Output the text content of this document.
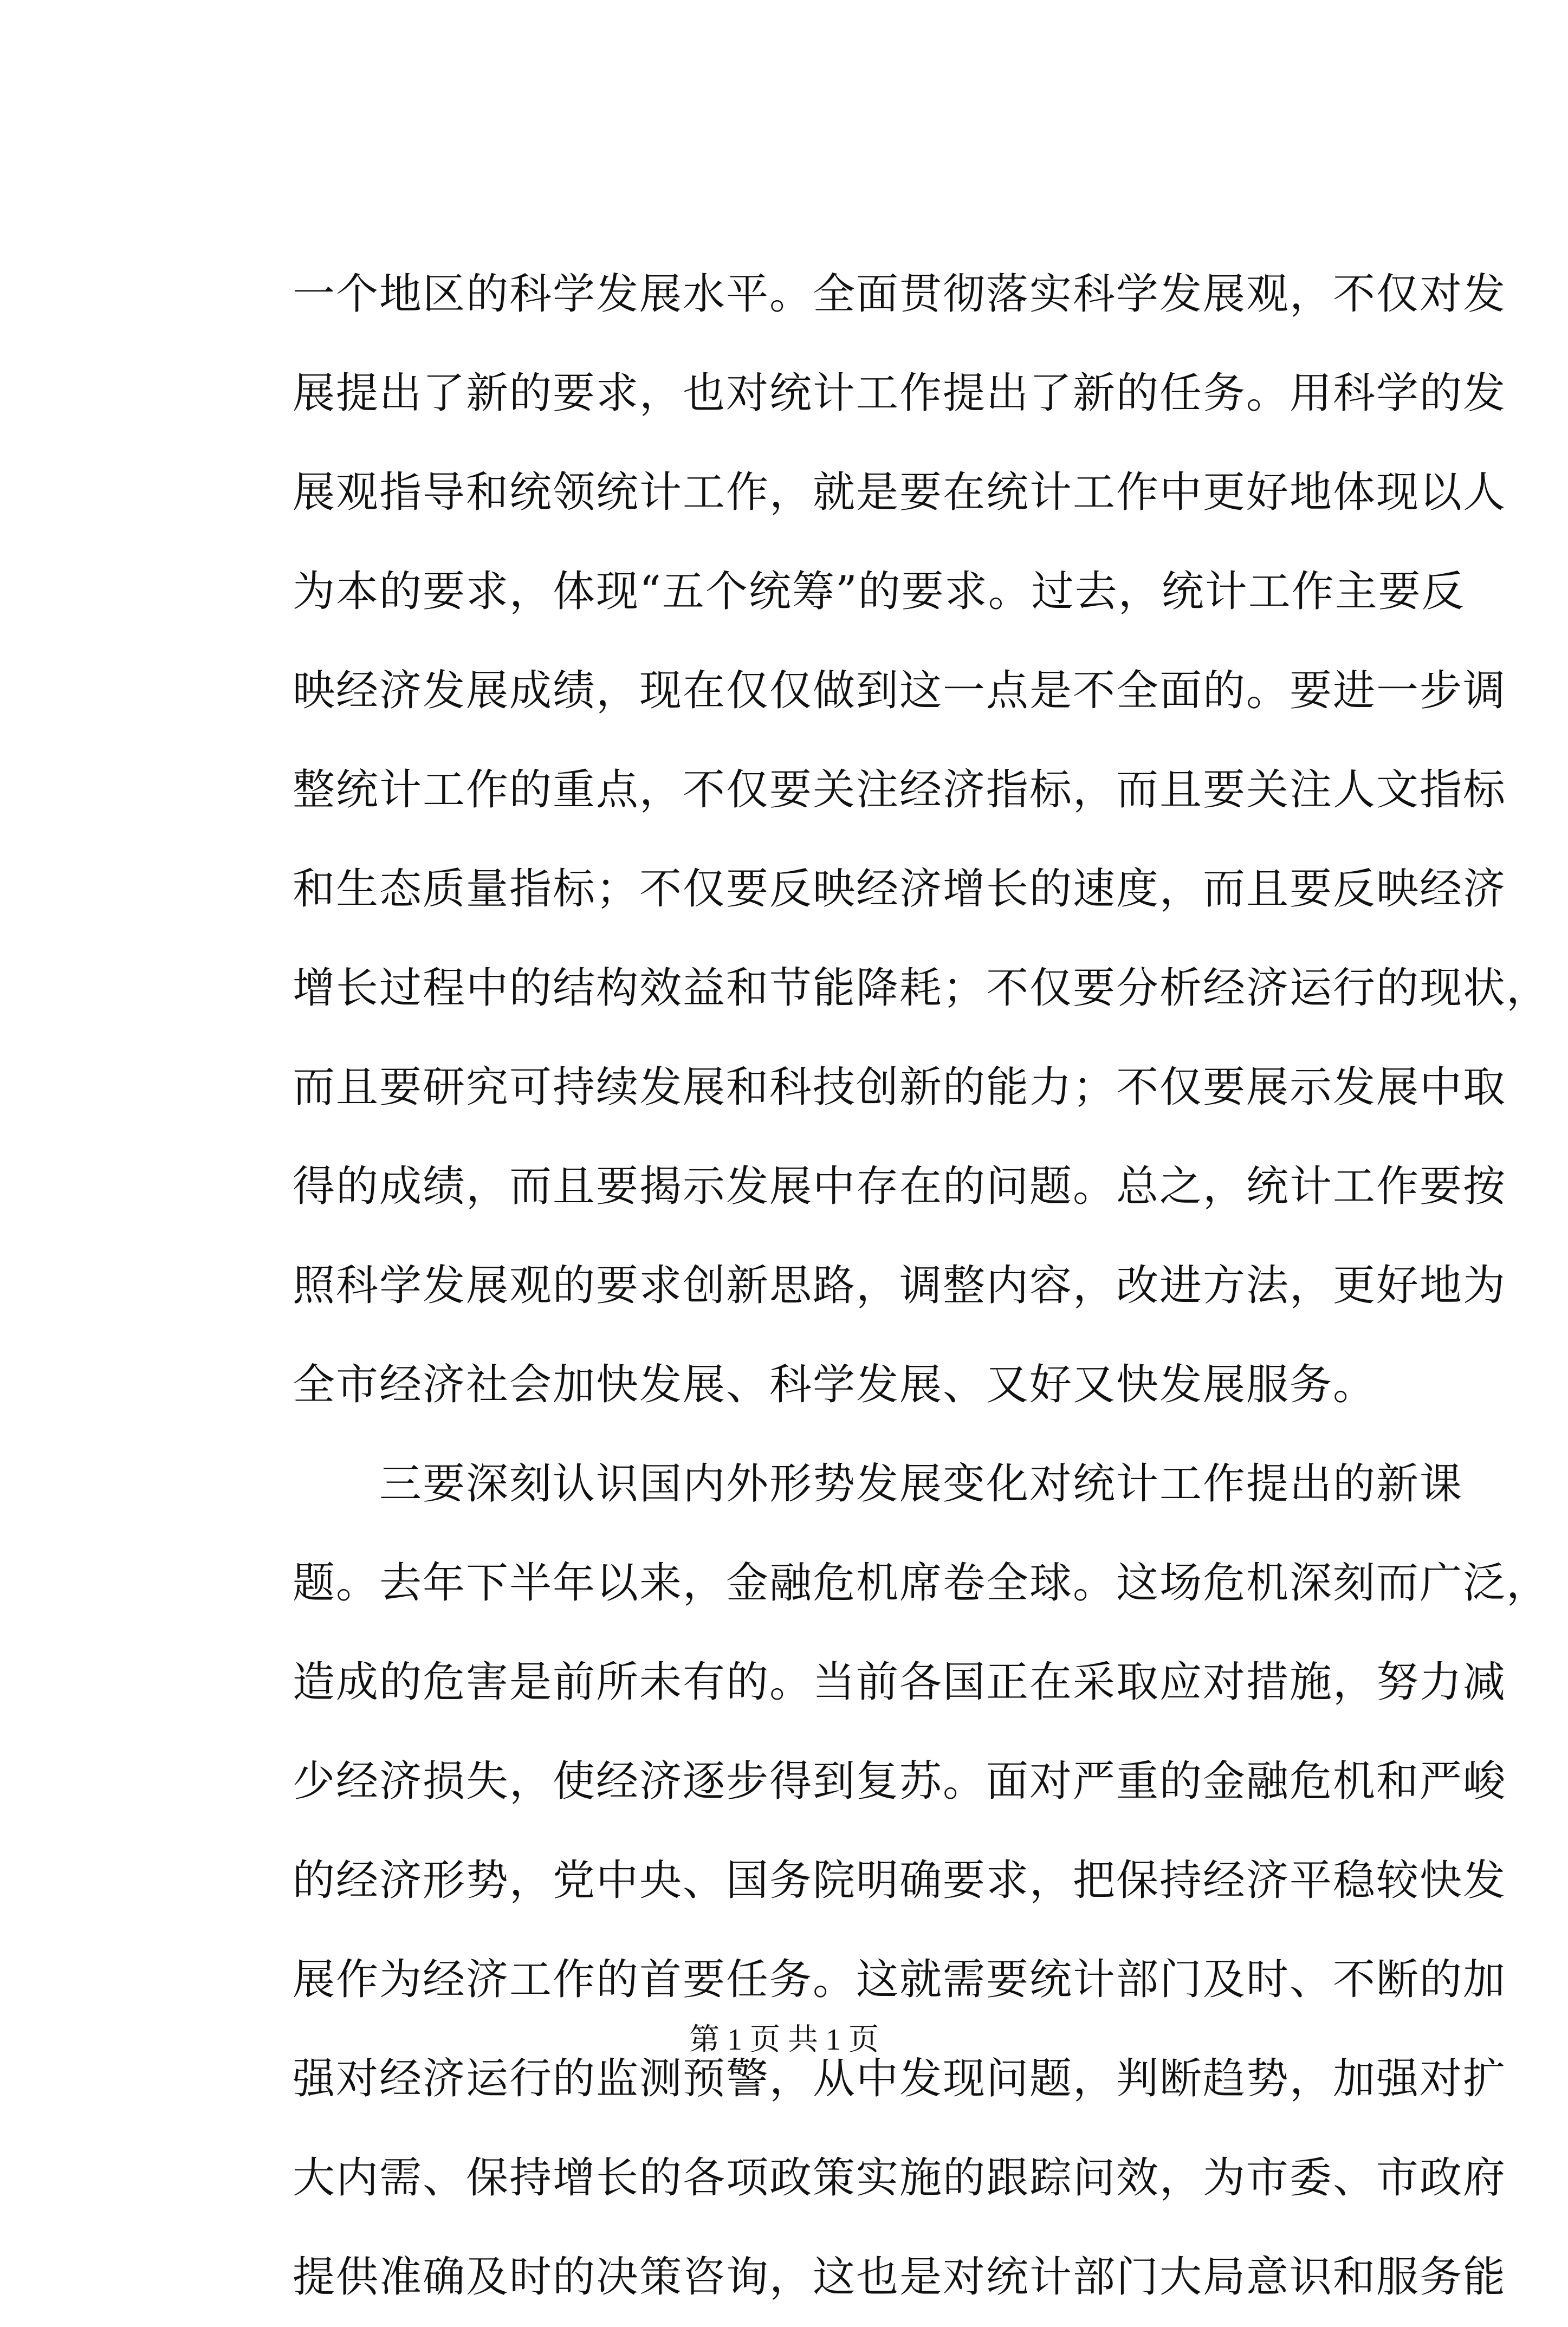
一个地区的科学发展水平。全面贯彻落实科学发展观，不仅对发
展提出了新的要求，也对统计工作提出了新的任务。用科学的发
展观指导和统领统计工作，就是要在统计工作中更好地体现以人
为本的要求，体现“五个统筹”的要求。过去，统计工作主要反
映经济发展成绩，现在仅仅做到这一点是不全面的。要进一步调
整统计工作的重点，不仅要关注经济指标，而且要关注人文指标
和生态质量指标；不仅要反映经济增长的速度，而且要反映经济
增长过程中的结构效益和节能降耗；不仅要分析经济运行的现状，
而且要研究可持续发展和科技创新的能力；不仅要展示发展中取
得的成绩，而且要揭示发展中存在的问题。总之，统计工作要按
照科学发展观的要求创新思路，调整内容，改进方法，更好地为
全市经济社会加快发展、科学发展、又好又快发展服务。
三要深刻认识国内外形势发展变化对统计工作提出的新课
题。去年下半年以来，金融危机席卷全球。这场危机深刻而广泛，
造成的危害是前所未有的。当前各国正在采取应对措施，努力减
少经济损失，使经济逐步得到复苏。面对严重的金融危机和严峻
的经济形势，党中央、国务院明确要求，把保持经济平稳较快发
展作为经济工作的首要任务。这就需要统计部门及时、不断的加
强对经济运行的监测预警，从中发现问题，判断趋势，加强对扩
大内需、保持增长的各项政策实施的跟踪问效，为市委、市政府
提供准确及时的决策咨询，这也是对统计部门大局意识和服务能
第 1 页 共 1 页
